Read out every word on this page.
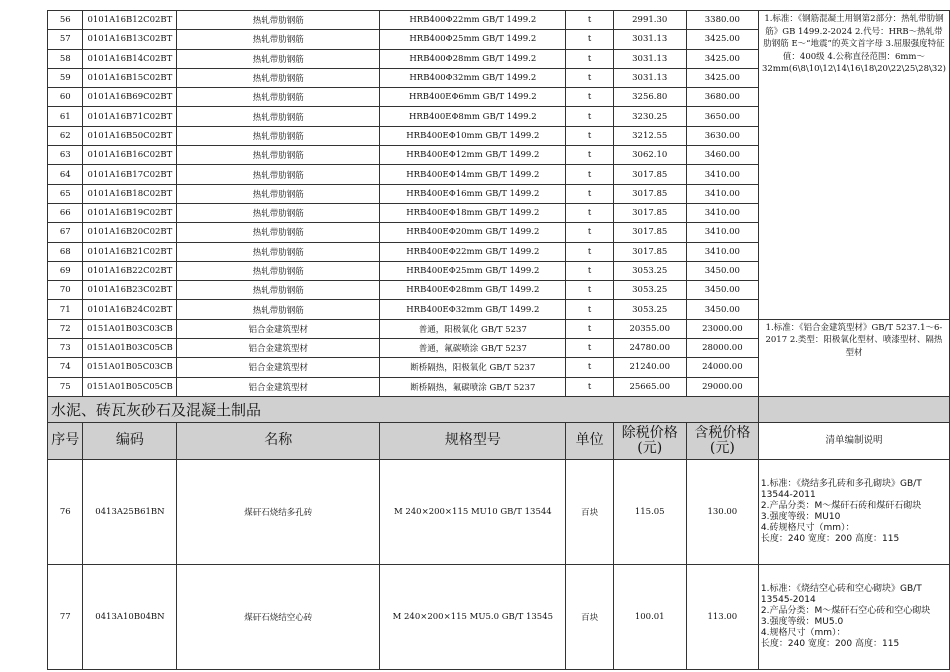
56	0101A16B12C02BT	热轧带肋钢筋	HRB400Φ22mm GB/T 1499.2	t	2991.30	3380.00	1.标准：《钢筋混凝土用钢第2部分：热轧带肋钢筋》GB 1499.2-2024 2.代号：HRB～热轧带肋钢筋 E～“地震”的英文首字母 3.屈服强度特征值：400级 4.公称直径范围：6mm～32mm(6\8\10\12\14\16\18\20\22\25\28\32)
57	0101A16B13C02BT	热轧带肋钢筋	HRB400Φ25mm GB/T 1499.2	t	3031.13	3425.00	
58	0101A16B14C02BT	热轧带肋钢筋	HRB400Φ28mm GB/T 1499.2	t	3031.13	3425.00	
59	0101A16B15C02BT	热轧带肋钢筋	HRB400Φ32mm GB/T 1499.2	t	3031.13	3425.00	
60	0101A16B69C02BT	热轧带肋钢筋	HRB400EΦ6mm GB/T 1499.2	t	3256.80	3680.00	
61	0101A16B71C02BT	热轧带肋钢筋	HRB400EΦ8mm GB/T 1499.2	t	3230.25	3650.00	
62	0101A16B50C02BT	热轧带肋钢筋	HRB400EΦ10mm GB/T 1499.2	t	3212.55	3630.00	
63	0101A16B16C02BT	热轧带肋钢筋	HRB400EΦ12mm GB/T 1499.2	t	3062.10	3460.00	
64	0101A16B17C02BT	热轧带肋钢筋	HRB400EΦ14mm GB/T 1499.2	t	3017.85	3410.00	
65	0101A16B18C02BT	热轧带肋钢筋	HRB400EΦ16mm GB/T 1499.2	t	3017.85	3410.00	
66	0101A16B19C02BT	热轧带肋钢筋	HRB400EΦ18mm GB/T 1499.2	t	3017.85	3410.00	
67	0101A16B20C02BT	热轧带肋钢筋	HRB400EΦ20mm GB/T 1499.2	t	3017.85	3410.00	
68	0101A16B21C02BT	热轧带肋钢筋	HRB400EΦ22mm GB/T 1499.2	t	3017.85	3410.00	
69	0101A16B22C02BT	热轧带肋钢筋	HRB400EΦ25mm GB/T 1499.2	t	3053.25	3450.00	
70	0101A16B23C02BT	热轧带肋钢筋	HRB400EΦ28mm GB/T 1499.2	t	3053.25	3450.00	
71	0101A16B24C02BT	热轧带肋钢筋	HRB400EΦ32mm GB/T 1499.2	t	3053.25	3450.00	
72	0151A01B03C03CB	铝合金建筑型材	普通，阳极氧化 GB/T 5237	t	20355.00	23000.00	1.标准：《铝合金建筑型材》GB/T 5237.1～6-2017 2.类型：阳极氧化型材、喷漆型材、隔热型材
73	0151A01B03C05CB	铝合金建筑型材	普通，氟碳喷涂 GB/T 5237	t	24780.00	28000.00	
74	0151A01B05C03CB	铝合金建筑型材	断桥隔热，阳极氧化 GB/T 5237	t	21240.00	24000.00	
75	0151A01B05C05CB	铝合金建筑型材	断桥隔热，氟碳喷涂 GB/T 5237	t	25665.00	29000.00	
水泥、砖瓦灰砂石及混凝土制品							
序号	编码	名称	规格型号	单位	除税价格(元)	含税价格(元)	清单编制说明
76	0413A25B61BN	煤矸石烧结多孔砖	M 240×200×115 MU10 GB/T 13544	百块	115.05	130.00	1.标准：《烧结多孔砖和多孔砌块》GB/T 13544-2011
2.产品分类：M～煤矸石砖和煤矸石砌块
3.强度等级：MU10
4.砖规格尺寸（mm）：
长度：240 宽度：200 高度：115

77	0413A10B04BN	煤矸石烧结空心砖	M 240×200×115 MU5.0 GB/T 13545	百块	100.01	113.00	1.标准：《烧结空心砖和空心砌块》GB/T 13545-2014
2.产品分类：M～煤矸石空心砖和空心砌块
3.强度等级：MU5.0
4.规格尺寸（mm）：
长度：240 宽度：200 高度：115
